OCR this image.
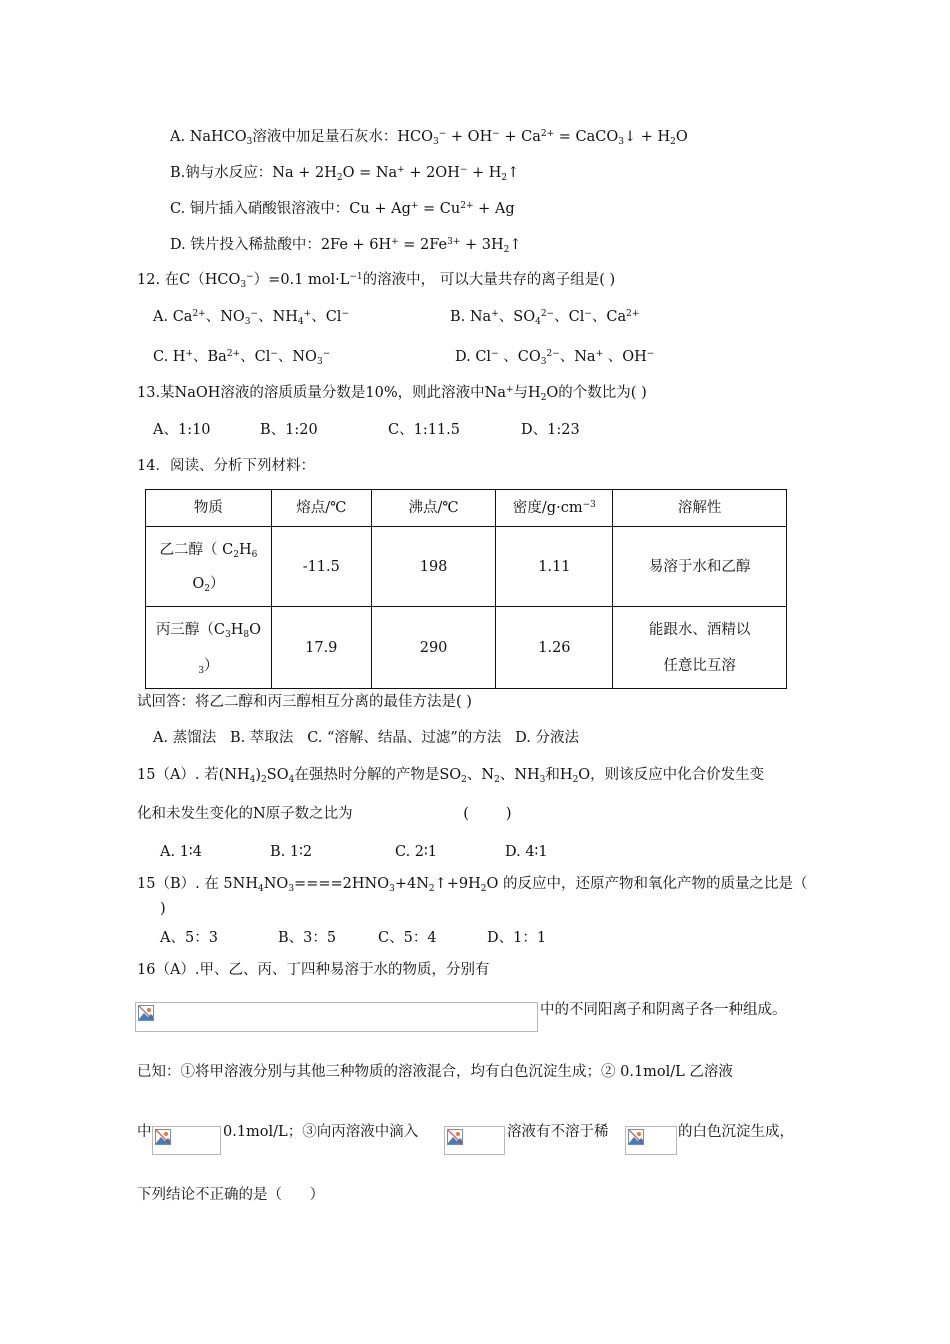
A. NaHCO$_3$溶液中加足量石灰水：$HCO_3^- + OH^- + Ca^{2+}$ = CaCO$_3$↓ + $H_2O$
B.钠与水反应：$Na + 2H_2O = Na^+ + 2OH^-$ + $H_2↑$
C. 铜片插入硝酸银溶液中：$Cu + Ag^+ = Cu^{2+} + Ag$
D. 铁片投入稀盐酸中：$2Fe + 6H^+ = 2Fe^{3+}$ + $3H_2↑$
12. 在$C(HCO_3^-)=0.1$ $mol\cdot L^{-1}$的溶液中， 可以大量共存的离子组是( )
A. $Ca^{2+}$、$NO_3^-$、$NH_4^+$、Cl−	B. Na+、$SO_4^{2-}$、Cl−、$Ca^{2+}$
C. H+、$Ba^{2+}$、Cl−、$NO_3^-$	D. Cl− 、$CO_3^{2-}$、Na+ 、OH−
13.某NaOH溶液的溶质质量分数是10%，则此溶液中Na+与$H_2O$的个数比为( )
A、1:10	B、1:20	C、1:11.5	D、1:23
14．阅读、分析下列材料：
物质	熔点/℃	沸点/℃	密度$/g\cdot cm^{-3}$	溶解性
乙二醇（ $C_2H_6$
$O_2$）	-11.5	198	1.11	易溶于水和乙醇
丙三醇（$C_3H_8O$
$_3$）	17.9	290	1.26	能跟水、酒精以
任意比互溶
试回答：将乙二醇和丙三醇相互分离的最佳方法是( )
A. 蒸馏法   B. 萃取法   C. “溶解、结晶、过滤”的方法   D. 分液法
15（A）. 若$(NH_4)_2SO_4$在强热时分解的产物是$SO_2$、$N_2$、$NH_3$和$H_2O$，则该反应中化合价发生变
化和未发生变化的N原子数之比为                        (        )
A. 1∶4	B. 1∶2	C. 2∶1	D. 4∶1
15（B）. 在 $5NH_4NO_3====2HNO_3+4N_2↑+9H_2O$ 的反应中，还原产物和氧化产物的质量之比是（
)
A、5：3	B、3：5	C、5：4	D、1：1
16（A）.甲、乙、丙、丁四种易溶于水的物质，分别有
中的不同阳离子和阴离子各一种组成。
已知：①将甲溶液分别与其他三种物质的溶液混合，均有白色沉淀生成；② 0.1mol/L 乙溶液
中	0.1mol/L；③向丙溶液中滴入	溶液有不溶于稀	的白色沉淀生成，
下列结论不正确的是（      ）
